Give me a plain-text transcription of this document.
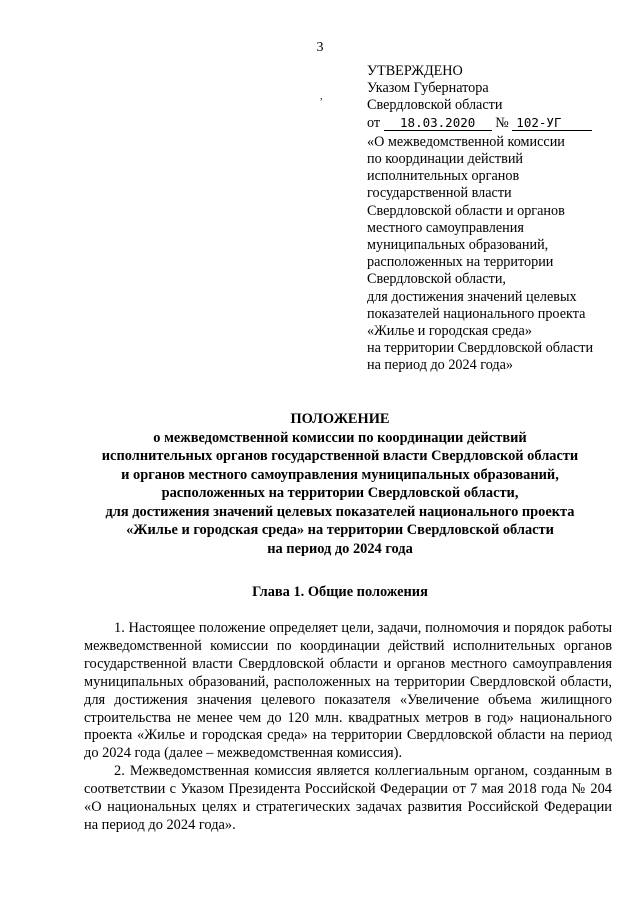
3
,
УТВЕРЖДЕНО
Указом Губернатора
Свердловской области
от 18.03.2020 № 102-УГ
«О межведомственной комиссии
по координации действий
исполнительных органов
государственной власти
Свердловской области и органов
местного самоуправления
муниципальных образований,
расположенных на территории
Свердловской области,
для достижения значений целевых
показателей национального проекта
«Жилье и городская среда»
на территории Свердловской области
на период до 2024 года»
ПОЛОЖЕНИЕ
о межведомственной комиссии по координации действий
исполнительных органов государственной власти Свердловской области
и органов местного самоуправления муниципальных образований,
расположенных на территории Свердловской области,
для достижения значений целевых показателей национального проекта
«Жилье и городская среда» на территории Свердловской области
на период до 2024 года
Глава 1. Общие положения

1. Настоящее положение определяет цели, задачи, полномочия и порядок работы межведомственной комиссии по координации действий исполнительных органов государственной власти Свердловской области и органов местного самоуправления муниципальных образований, расположенных на территории Свердловской области, для достижения значения целевого показателя «Увеличение объема жилищного строительства не менее чем до 120 млн. квадратных метров в год» национального проекта «Жилье и городская среда» на территории Свердловской области на период до 2024 года (далее – межведомственная комиссия).

2. Межведомственная комиссия является коллегиальным органом, созданным в соответствии с Указом Президента Российской Федерации от 7 мая 2018 года № 204 «О национальных целях и стратегических задачах развития Российской Федерации на период до 2024 года».
